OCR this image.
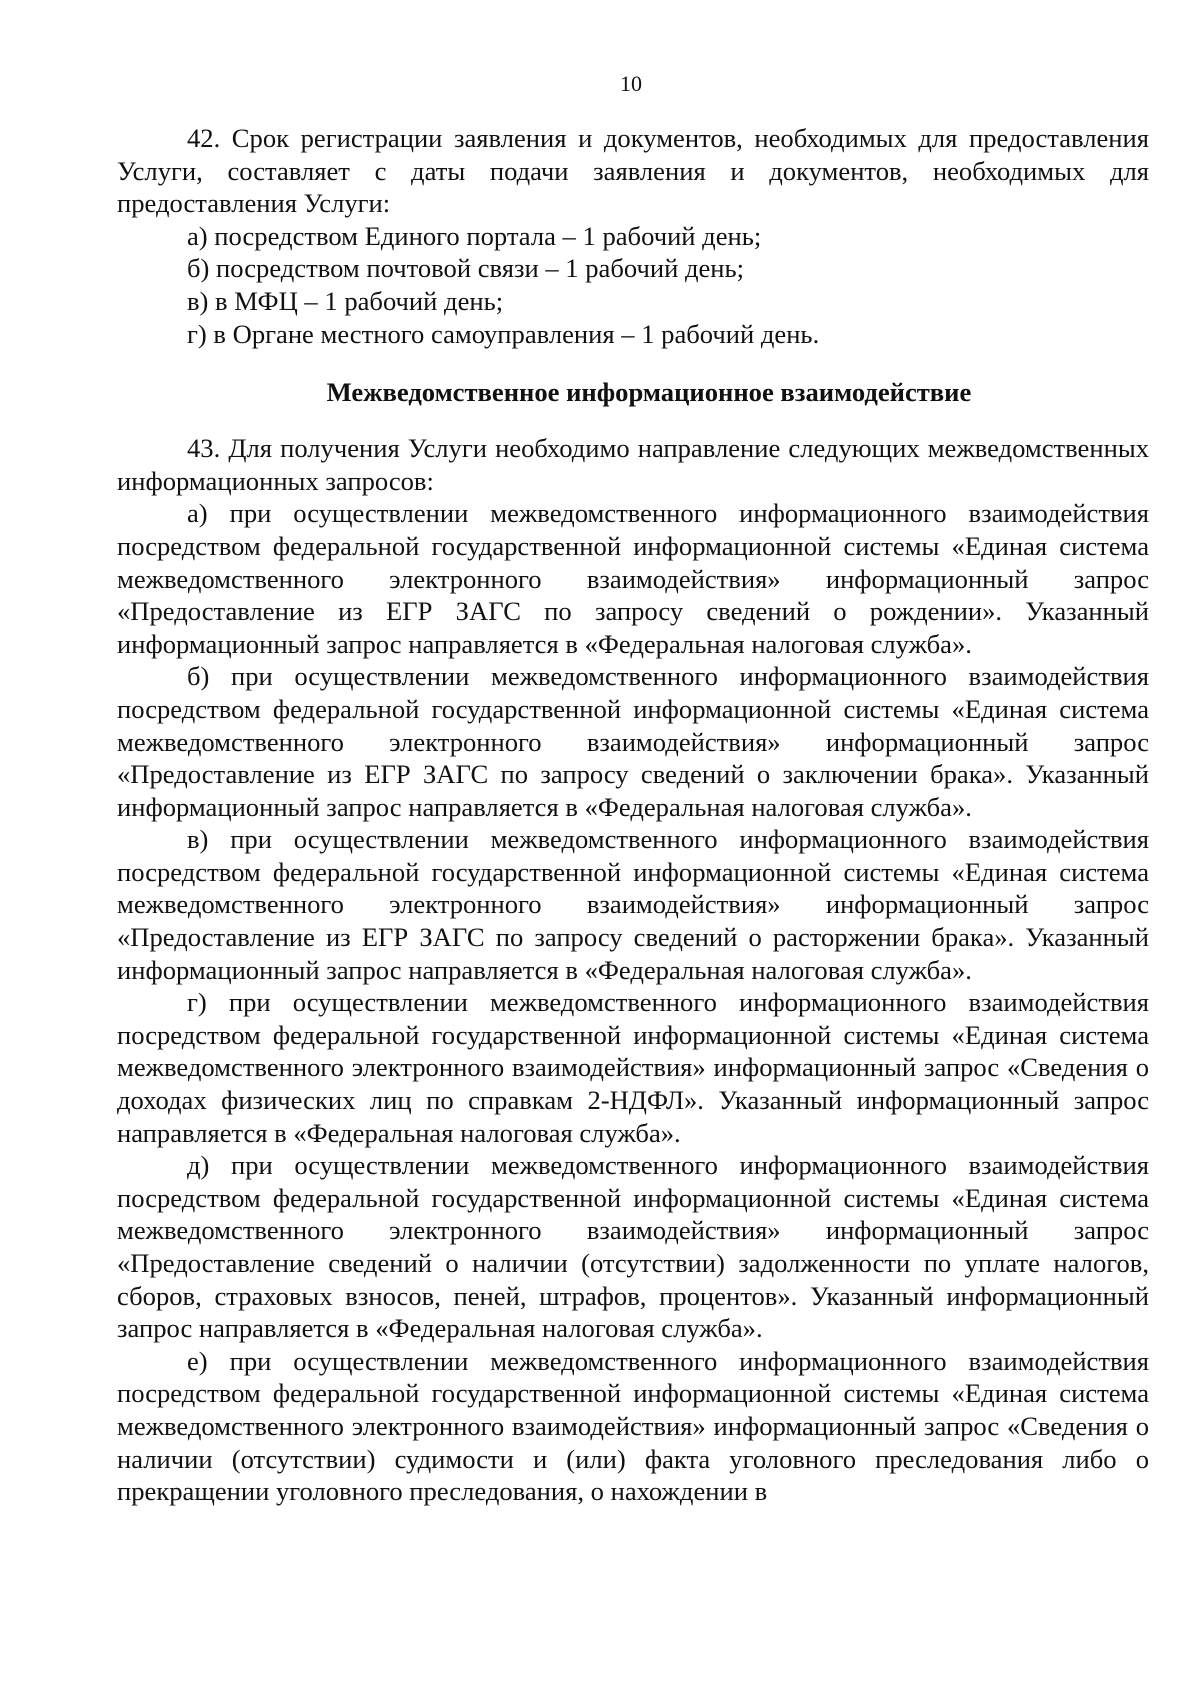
10

42. Срок регистрации заявления и документов, необходимых для предоставления Услуги, составляет с даты подачи заявления и документов, необходимых для предоставления Услуги:

а) посредством Единого портала – 1 рабочий день;

б) посредством почтовой связи – 1 рабочий день;

в) в МФЦ – 1 рабочий день;

г) в Органе местного самоуправления – 1 рабочий день.

Межведомственное информационное взаимодействие

43. Для получения Услуги необходимо направление следующих межведомственных информационных запросов:

а) при осуществлении межведомственного информационного взаимодействия посредством федеральной государственной информационной системы «Единая система межведомственного электронного взаимодействия» информационный запрос «Предоставление из ЕГР ЗАГС по запросу сведений о рождении». Указанный информационный запрос направляется в «Федеральная налоговая служба».

б) при осуществлении межведомственного информационного взаимодействия посредством федеральной государственной информационной системы «Единая система межведомственного электронного взаимодействия» информационный запрос «Предоставление из ЕГР ЗАГС по запросу сведений о заключении брака». Указанный информационный запрос направляется в «Федеральная налоговая служба».

в) при осуществлении межведомственного информационного взаимодействия посредством федеральной государственной информационной системы «Единая система межведомственного электронного взаимодействия» информационный запрос «Предоставление из ЕГР ЗАГС по запросу сведений о расторжении брака». Указанный информационный запрос направляется в «Федеральная налоговая служба».

г) при осуществлении межведомственного информационного взаимодействия посредством федеральной государственной информационной системы «Единая система межведомственного электронного взаимодействия» информационный запрос «Сведения о доходах физических лиц по справкам 2-НДФЛ». Указанный информационный запрос направляется в «Федеральная налоговая служба».

д) при осуществлении межведомственного информационного взаимодействия посредством федеральной государственной информационной системы «Единая система межведомственного электронного взаимодействия» информационный запрос «Предоставление сведений о наличии (отсутствии) задолженности по уплате налогов, сборов, страховых взносов, пеней, штрафов, процентов». Указанный информационный запрос направляется в «Федеральная налоговая служба».

е) при осуществлении межведомственного информационного взаимодействия посредством федеральной государственной информационной системы «Единая система межведомственного электронного взаимодействия» информационный запрос «Сведения о наличии (отсутствии) судимости и (или) факта уголовного преследования либо о прекращении уголовного преследования, о нахождении в
